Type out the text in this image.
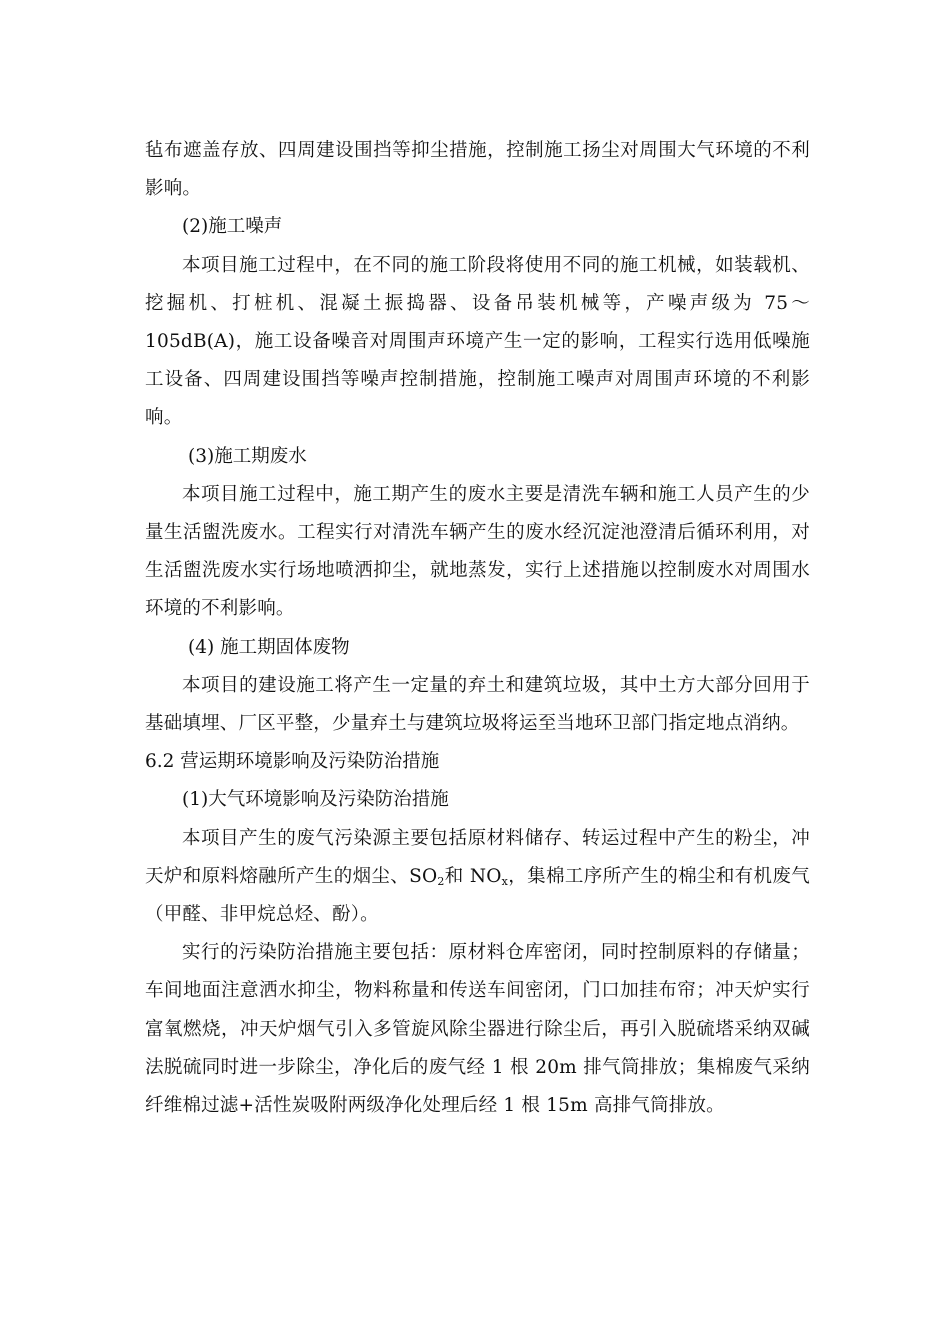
毡布遮盖存放、四周建设围挡等抑尘措施，控制施工扬尘对周围大气环境的不利影响。

(2)施工噪声

本项目施工过程中，在不同的施工阶段将使用不同的施工机械，如装载机、挖掘机、打桩机、混凝土振捣器、设备吊装机械等，产噪声级为 75～105dB(A)，施工设备噪音对周围声环境产生一定的影响，工程实行选用低噪施工设备、四周建设围挡等噪声控制措施，控制施工噪声对周围声环境的不利影响。

(3)施工期废水

本项目施工过程中，施工期产生的废水主要是清洗车辆和施工人员产生的少量生活盥洗废水。工程实行对清洗车辆产生的废水经沉淀池澄清后循环利用，对生活盥洗废水实行场地喷洒抑尘，就地蒸发，实行上述措施以控制废水对周围水环境的不利影响。

(4) 施工期固体废物

本项目的建设施工将产生一定量的弃土和建筑垃圾，其中土方大部分回用于基础填埋、厂区平整，少量弃土与建筑垃圾将运至当地环卫部门指定地点消纳。

6.2 营运期环境影响及污染防治措施

(1)大气环境影响及污染防治措施

本项目产生的废气污染源主要包括原材料储存、转运过程中产生的粉尘，冲天炉和原料熔融所产生的烟尘、$SO_2$和 $NO_x$，集棉工序所产生的棉尘和有机废气（甲醛、非甲烷总烃、酚）。

实行的污染防治措施主要包括：原材料仓库密闭，同时控制原料的存储量；车间地面注意洒水抑尘，物料称量和传送车间密闭，门口加挂布帘；冲天炉实行富氧燃烧，冲天炉烟气引入多管旋风除尘器进行除尘后，再引入脱硫塔采纳双碱法脱硫同时进一步除尘，净化后的废气经 1 根 20m 排气筒排放；集棉废气采纳纤维棉过滤+活性炭吸附两级净化处理后经 1 根 15m 高排气筒排放。
